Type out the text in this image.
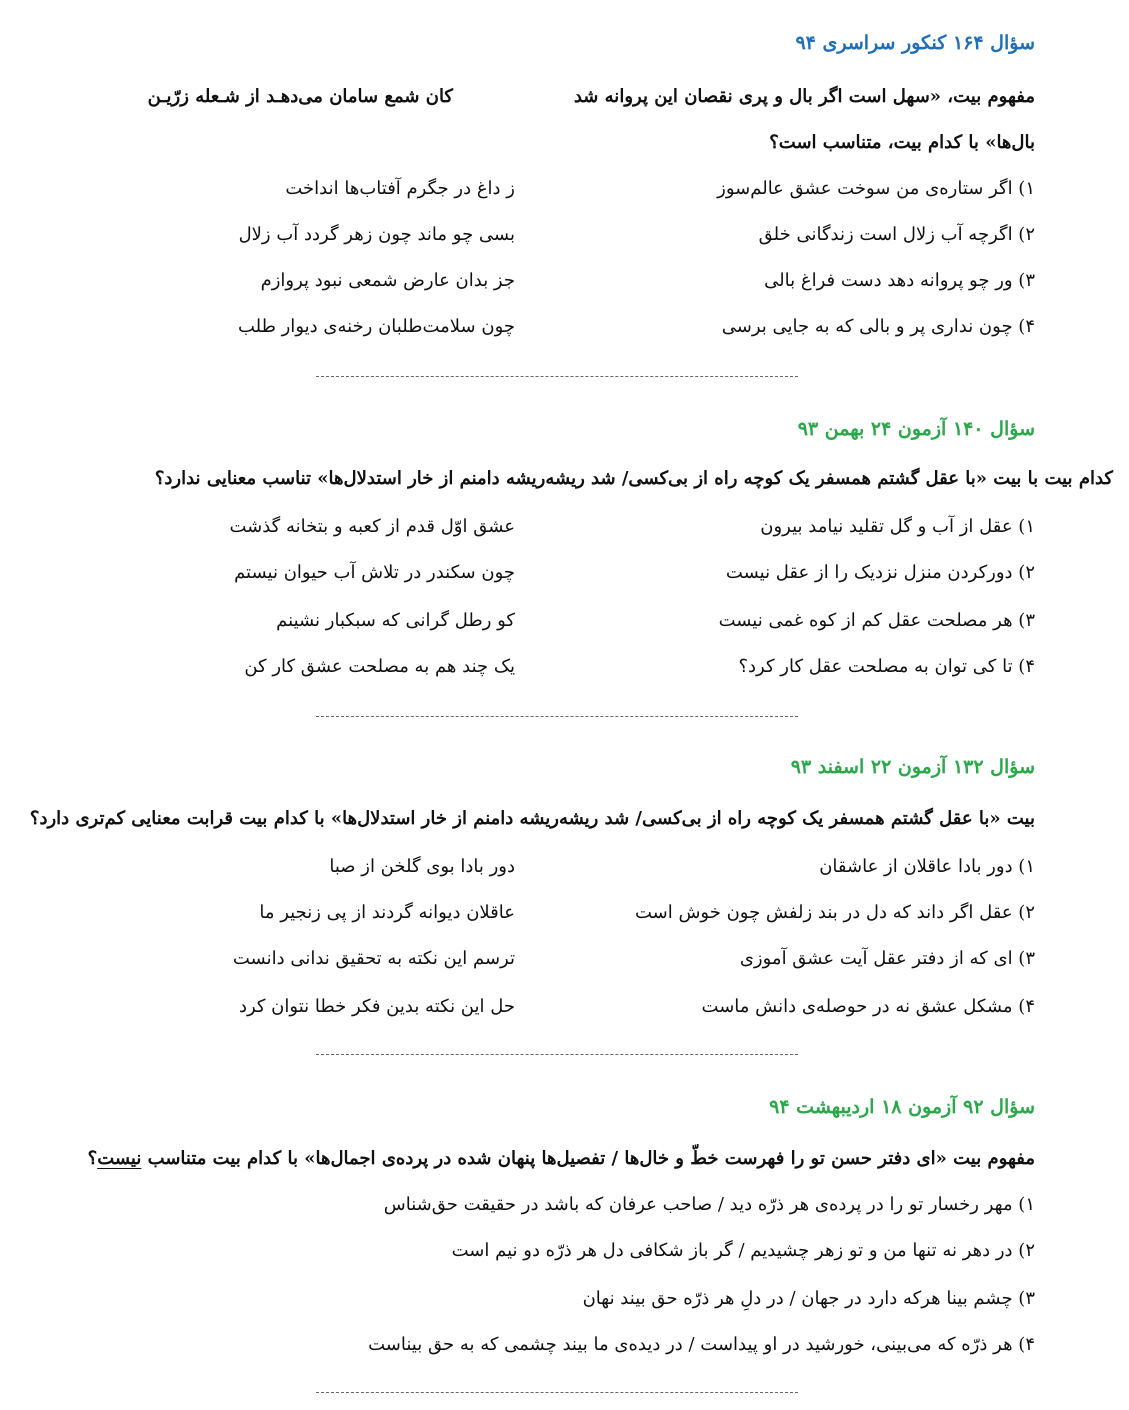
سؤال ۱۶۴ کنکور سراسری ۹۴
مفهوم بیت، «سهل است اگر بال و پری نقصان این پروانه شد
کان شمع سامان می‌دهـد از شـعله زرّیـن
بال‌ها» با کدام بیت، متناسب است؟
۱) اگر ستاره‌ی من سوخت عشق عالم‌سوز
ز داغ در جگرم آفتاب‌ها انداخت
۲) اگرچه آب زلال است زندگانی خلق
بسی چو ماند چون زهر گردد آب زلال
۳) ور چو پروانه دهد دست فراغ بالی
جز بدان عارض شمعی نبود پروازم
۴) چون نداری پر و بالی که به جایی برسی
چون سلامت‌طلبان رخنه‌ی دیوار طلب
سؤال ۱۴۰ آزمون ۲۴ بهمن ۹۳
کدام بیت با بیت «با عقل گشتم همسفر یک کوچه راه از بی‌کسی/ شد ریشه‌ریشه دامنم از خار استدلال‌ها» تناسب معنایی ندارد؟
۱) عقل از آب و گل تقلید نیامد بیرون
عشق اوّل قدم از کعبه و بتخانه گذشت
۲) دورکردن منزل نزدیک را از عقل نیست
چون سکندر در تلاش آب حیوان نیستم
۳) هر مصلحت عقل کم از کوه غمی نیست
کو رطل گرانی که سبکبار نشینم
۴) تا کی توان به مصلحت عقل کار کرد؟
یک چند هم به مصلحت عشق کار کن
سؤال ۱۳۲ آزمون ۲۲ اسفند ۹۳
بیت «با عقل گشتم همسفر یک کوچه راه از بی‌کسی/ شد ریشه‌ریشه دامنم از خار استدلال‌ها» با کدام بیت قرابت معنایی کم‌تری دارد؟
۱) دور بادا عاقلان از عاشقان
دور بادا بوی گلخن از صبا
۲) عقل اگر داند که دل در بند زلفش چون خوش است
عاقلان دیوانه گردند از پی زنجیر ما
۳) ای که از دفتر عقل آیت عشق آموزی
ترسم این نکته به تحقیق ندانی دانست
۴) مشکل عشق نه در حوصله‌ی دانش ماست
حل این نکته بدین فکر خطا نتوان کرد
سؤال ۹۲ آزمون ۱۸ اردیبهشت ۹۴
مفهوم بیت «ای دفتر حسن تو را فهرست خطّ و خال‌ها / تفصیل‌ها پنهان شده در پرده‌ی اجمال‌ها» با کدام بیت متناسب نیست؟
۱) مهر رخسار تو را در پرده‌ی هر ذرّه دید / صاحب عرفان که باشد در حقیقت حق‌شناس
۲) در دهر نه تنها من و تو زهر چشیدیم / گر باز شکافی دل هر ذرّه دو نیم است
۳) چشم بینا هرکه دارد در جهان / در دلِ هر ذرّه حق بیند نهان
۴) هر ذرّه که می‌بینی، خورشید در او پیداست / در دیده‌ی ما بیند چشمی که به حق بیناست
